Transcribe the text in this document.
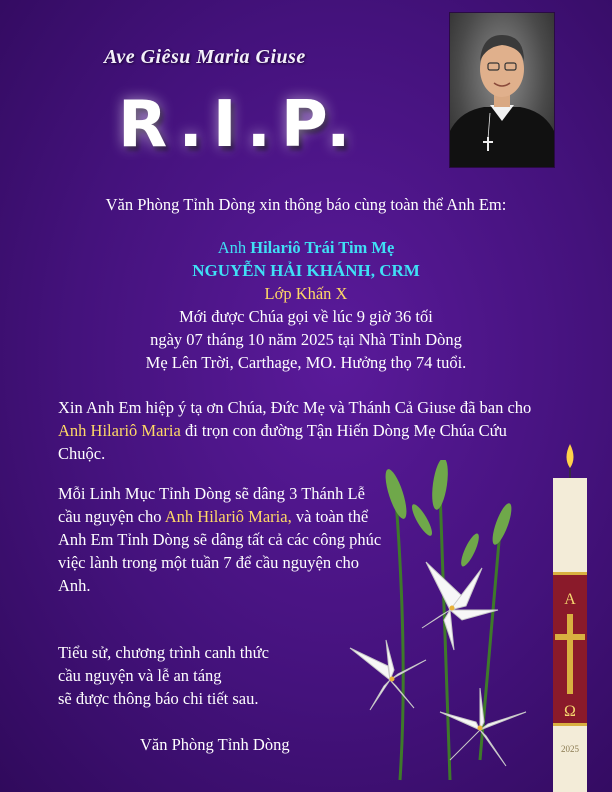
Ave Giêsu Maria Giuse
R.I.P.
Văn Phòng Tỉnh Dòng xin thông báo cùng toàn thể Anh Em:
Anh Hilariô Trái Tim Mẹ
NGUYỄN HẢI KHÁNH, CRM
Lớp Khấn X
Mới được Chúa gọi về lúc 9 giờ 36 tối
ngày 07 tháng 10 năm 2025 tại Nhà Tỉnh Dòng
Mẹ Lên Trời, Carthage, MO. Hưởng thọ 74 tuổi.
Xin Anh Em hiệp ý tạ ơn Chúa, Đức Mẹ và Thánh Cả Giuse đã ban cho Anh Hilariô Maria đi trọn con đường Tận Hiến Dòng Mẹ Chúa Cứu Chuộc.
Mỗi Linh Mục Tỉnh Dòng sẽ dâng 3 Thánh Lễ cầu nguyện cho Anh Hilariô Maria, và toàn thể Anh Em Tỉnh Dòng sẽ dâng tất cả các công phúc việc lành trong một tuần 7 để cầu nguyện cho Anh.
Tiểu sử, chương trình canh thức
cầu nguyện và lễ an táng
sẽ được thông báo chi tiết sau.
Văn Phòng Tỉnh Dòng
A
Ω
2025
